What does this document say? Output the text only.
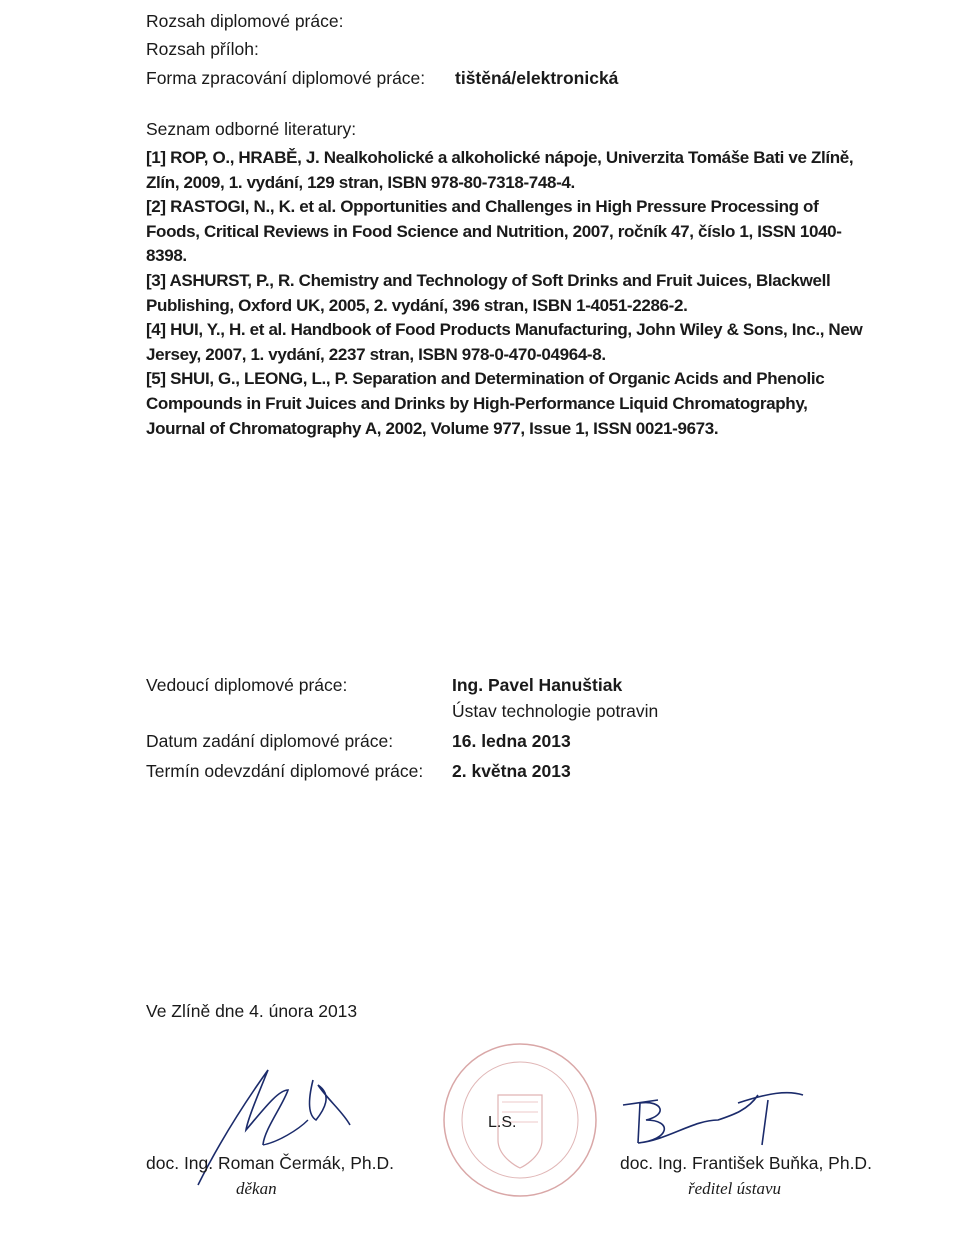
Rozsah diplomové práce:
Rozsah příloh:
Forma zpracování diplomové práce: tištěná/elektronická
Seznam odborné literatury:

[1] ROP, O., HRABĚ, J. Nealkoholické a alkoholické nápoje, Univerzita Tomáše Bati ve Zlíně, Zlín, 2009, 1. vydání, 129 stran, ISBN 978-80-7318-748-4.

[2] RASTOGI, N., K. et al. Opportunities and Challenges in High Pressure Processing of Foods, Critical Reviews in Food Science and Nutrition, 2007, ročník 47, číslo 1, ISSN 1040-8398.

[3] ASHURST, P., R. Chemistry and Technology of Soft Drinks and Fruit Juices, Blackwell Publishing, Oxford UK, 2005, 2. vydání, 396 stran, ISBN 1-4051-2286-2.

[4] HUI, Y., H. et al. Handbook of Food Products Manufacturing, John Wiley & Sons, Inc., New Jersey, 2007, 1. vydání, 2237 stran, ISBN 978-0-470-04964-8.

[5] SHUI, G., LEONG, L., P. Separation and Determination of Organic Acids and Phenolic Compounds in Fruit Juices and Drinks by High-Performance Liquid Chromatography, Journal of Chromatography A, 2002, Volume 977, Issue 1, ISSN 0021-9673.

Vedoucí diplomové práce:	Ing. Pavel Hanuštiak
Ústav technologie potravin
Datum zadání diplomové práce:	16. ledna 2013
Termín odevzdání diplomové práce: 2. května 2013
Ve Zlíně dne 4. února 2013
doc. Ing. Roman Čermák, Ph.D.
děkan
L.S.
doc. Ing. František Buňka, Ph.D.
ředitel ústavu
